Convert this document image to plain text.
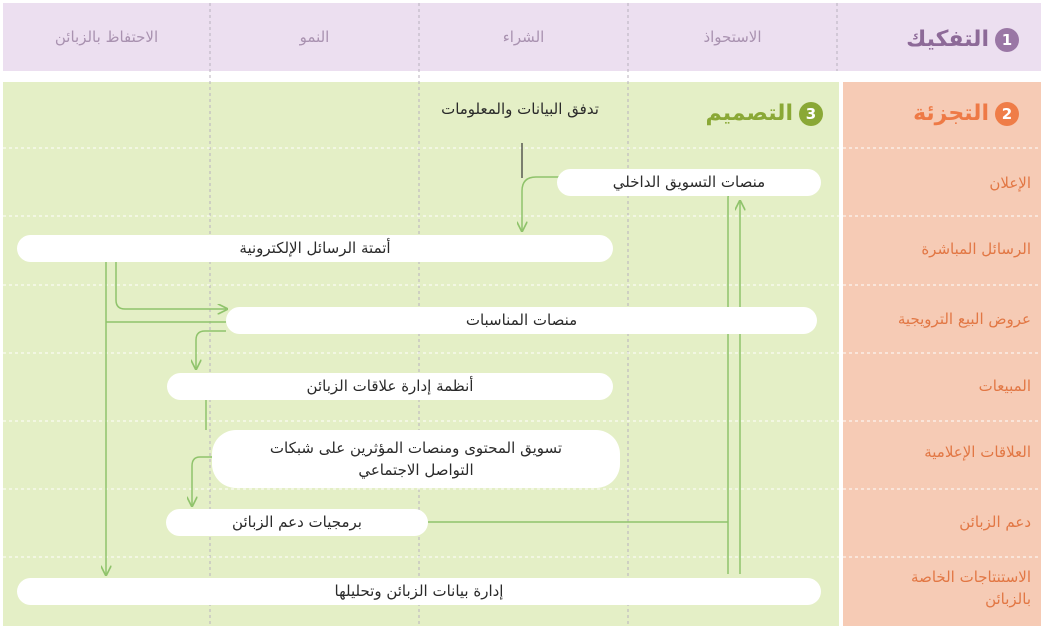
1التفكيك
الاستحواذ
الشراء
النمو
الاحتفاظ بالزبائن
2التجزئة
الإعلان
الرسائل المباشرة
عروض البيع الترويجية
المبيعات
العلاقات الإعلامية
دعم الزبائن
الاستنتاجات الخاصة بالزبائن
3التصميم
تدفق البيانات والمعلومات
منصات التسويق الداخلي
أتمتة الرسائل الإلكترونية
منصات المناسبات
أنظمة إدارة علاقات الزبائن
تسويق المحتوى ومنصات المؤثرين على شبكات التواصل الاجتماعي
برمجيات دعم الزبائن
إدارة بيانات الزبائن وتحليلها
